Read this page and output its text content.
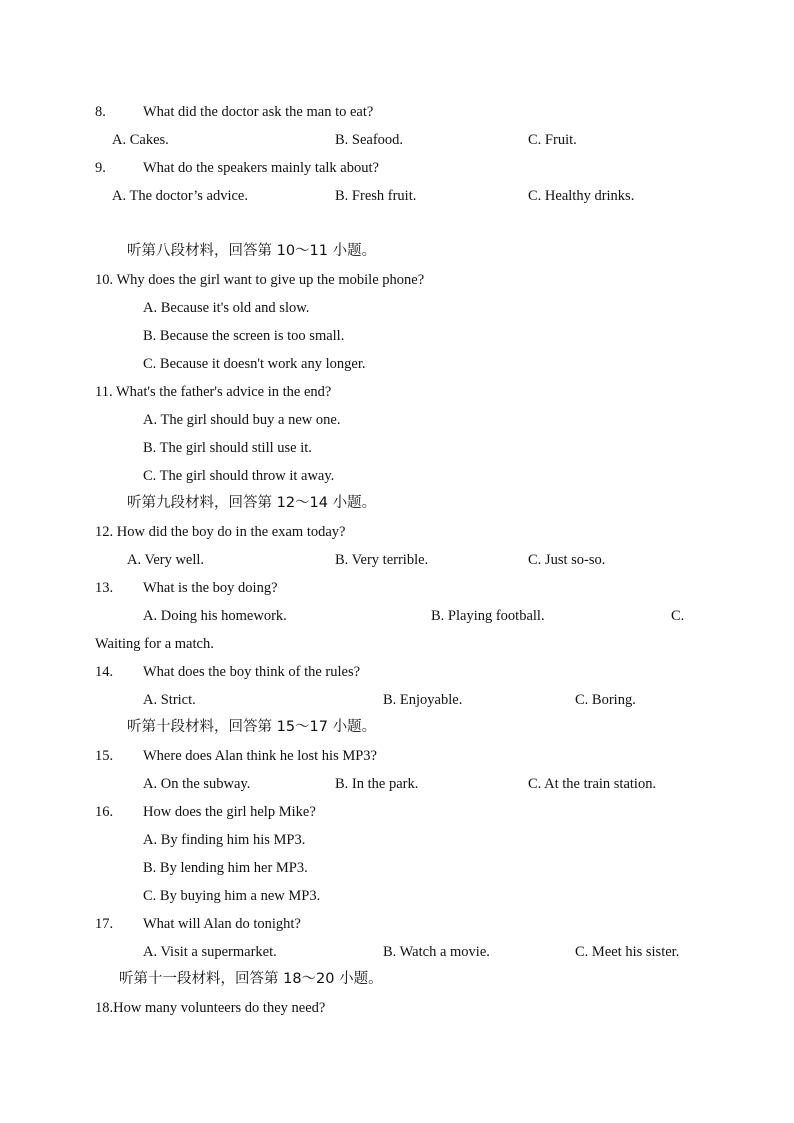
8.	What did the doctor ask the man to eat?
A. Cakes.	B. Seafood.	C. Fruit.
9.	What do the speakers mainly talk about?
A. The doctor’s advice.	B. Fresh fruit.	C. Healthy drinks.
听第八段材料，回答第 10～11 小题。
10. Why does the girl want to give up the mobile phone?
A. Because it's old and slow.
B. Because the screen is too small.
C. Because it doesn't work any longer.
11. What's the father's advice in the end?
A. The girl should buy a new one.
B. The girl should still use it.
C. The girl should throw it away.
听第九段材料，回答第 12～14 小题。
12. How did the boy do in the exam today?
A. Very well.	B. Very terrible.	C. Just so-so.
13. What is the boy doing?
A. Doing his homework.	B. Playing football.	C.
Waiting for a match.
14. What does the boy think of the rules?
A. Strict.	B. Enjoyable.	C. Boring.
听第十段材料，回答第 15～17 小题。
15. Where does Alan think he lost his MP3?
A. On the subway.	B. In the park.	C. At the train station.
16. How does the girl help Mike?
A. By finding him his MP3.
B. By lending him her MP3.
C. By buying him a new MP3.
17. What will Alan do tonight?
A. Visit a supermarket.	B. Watch a movie.	C. Meet his sister.
听第十一段材料，回答第 18～20 小题。
18.How many volunteers do they need?
